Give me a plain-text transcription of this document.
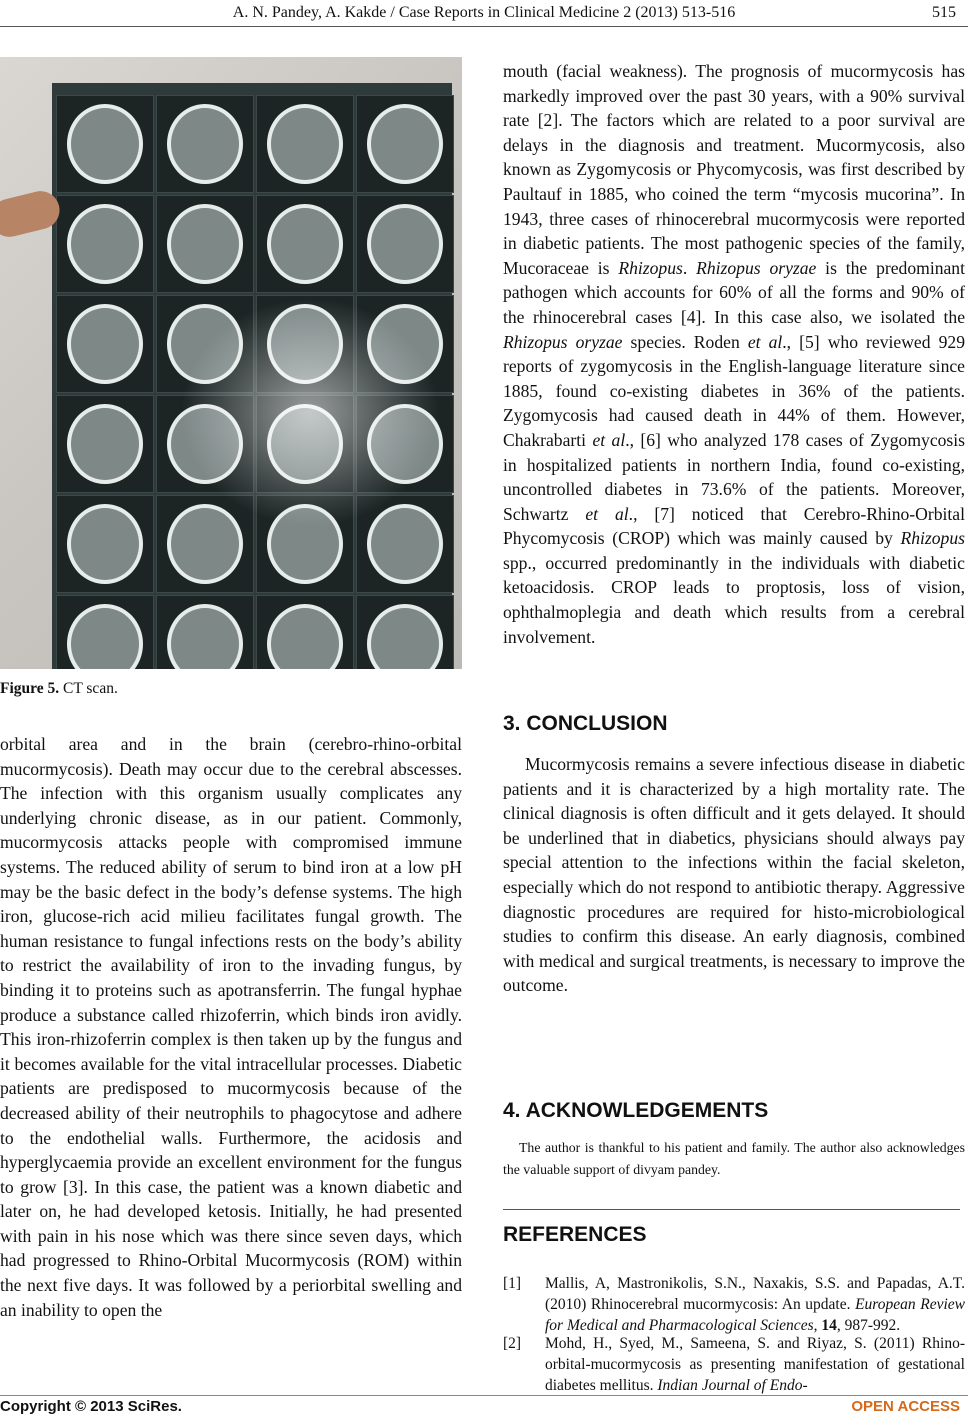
A. N. Pandey, A. Kakde / Case Reports in Clinical Medicine 2 (2013) 513-516	515
Figure 5. CT scan.

orbital area and in the brain (cerebro-rhino-orbital mucormycosis). Death may occur due to the cerebral abscesses. The infection with this organism usually complicates any underlying chronic disease, as in our patient. Commonly, mucormycosis attacks people with compromised immune systems. The reduced ability of serum to bind iron at a low pH may be the basic defect in the body’s defense systems. The high iron, glucose-rich acid milieu facilitates fungal growth. The human resistance to fungal infections rests on the body’s ability to restrict the availability of iron to the invading fungus, by binding it to proteins such as apotransferrin. The fungal hyphae produce a substance called rhizoferrin, which binds iron avidly. This iron-rhizoferrin complex is then taken up by the fungus and it becomes available for the vital intracellular processes. Diabetic patients are predisposed to mucormycosis because of the decreased ability of their neutrophils to phagocytose and adhere to the endothelial walls. Furthermore, the acidosis and hyperglycaemia provide an excellent environment for the fungus to grow [3]. In this case, the patient was a known diabetic and later on, he had developed ketosis. Initially, he had presented with pain in his nose which was there since seven days, which had progressed to Rhino-Orbital Mucormycosis (ROM) within the next five days. It was followed by a periorbital swelling and an inability to open the

mouth (facial weakness). The prognosis of mucormycosis has markedly improved over the past 30 years, with a 90% survival rate [2]. The factors which are related to a poor survival are delays in the diagnosis and treatment. Mucormycosis, also known as Zygomycosis or Phycomycosis, was first described by Paultauf in 1885, who coined the term “mycosis mucorina”. In 1943, three cases of rhinocerebral mucormycosis were reported in diabetic patients. The most pathogenic species of the family, Mucoraceae is Rhizopus. Rhizopus oryzae is the predominant pathogen which accounts for 60% of all the forms and 90% of the rhinocerebral cases [4]. In this case also, we isolated the Rhizopus oryzae species. Roden et al., [5] who reviewed 929 reports of zygomycosis in the English-language literature since 1885, found co-existing diabetes in 36% of the patients. Zygomycosis had caused death in 44% of them. However, Chakrabarti et al., [6] who analyzed 178 cases of Zygomycosis in hospitalized patients in northern India, found co-existing, uncontrolled diabetes in 73.6% of the patients. Moreover, Schwartz et al., [7] noticed that Cerebro-Rhino-Orbital Phycomycosis (CROP) which was mainly caused by Rhizopus spp., occurred predominantly in the individuals with diabetic ketoacidosis. CROP leads to proptosis, loss of vision, ophthalmoplegia and death which results from a cerebral involvement.

3. CONCLUSION

Mucormycosis remains a severe infectious disease in diabetic patients and it is characterized by a high mortality rate. The clinical diagnosis is often difficult and it gets delayed. It should be underlined that in diabetics, physicians should always pay special attention to the infections within the facial skeleton, especially which do not respond to antibiotic therapy. Aggressive diagnostic procedures are required for histo-microbiological studies to confirm this disease. An early diagnosis, combined with medical and surgical treatments, is necessary to improve the outcome.

4. ACKNOWLEDGEMENTS

The author is thankful to his patient and family. The author also acknowledges the valuable support of divyam pandey.

REFERENCES
[1] Mallis, A, Mastronikolis, S.N., Naxakis, S.S. and Papadas, A.T. (2010) Rhinocerebral mucormycosis: An update. European Review for Medical and Pharmacological Sciences, 14, 987-992.
[2] Mohd, H., Syed, M., Sameena, S. and Riyaz, S. (2011) Rhino-orbital-mucormycosis as presenting manifestation of gestational diabetes mellitus. Indian Journal of Endo-
Copyright © 2013 SciRes.	OPEN ACCESS
